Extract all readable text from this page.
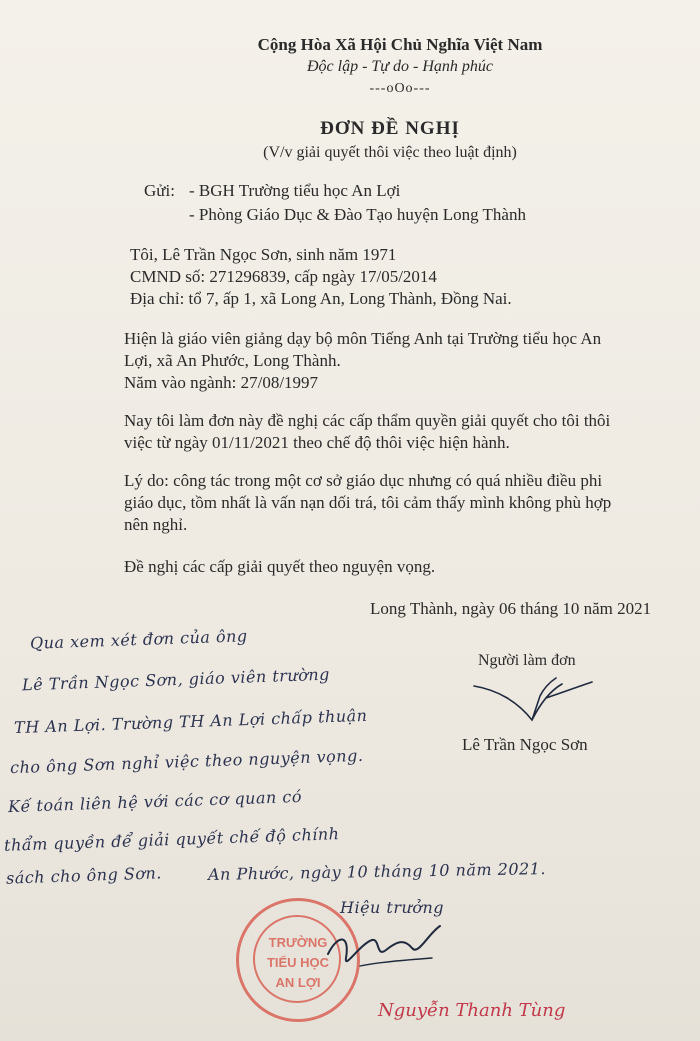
Cộng Hòa Xã Hội Chủ Nghĩa Việt Nam
Độc lập - Tự do - Hạnh phúc
---oOo---
ĐƠN ĐỀ NGHỊ
(V/v giải quyết thôi việc theo luật định)
Gửi: - BGH Trường tiểu học An Lợi
- Phòng Giáo Dục & Đào Tạo huyện Long Thành
Tôi, Lê Trần Ngọc Sơn, sinh năm 1971
CMND số: 271296839, cấp ngày 17/05/2014
Địa chỉ: tổ 7, ấp 1, xã Long An, Long Thành, Đồng Nai.
Hiện là giáo viên giảng dạy bộ môn Tiếng Anh tại Trường tiểu học An
Lợi, xã An Phước, Long Thành.
Năm vào ngành: 27/08/1997
Nay tôi làm đơn này đề nghị các cấp thẩm quyền giải quyết cho tôi thôi
việc từ ngày 01/11/2021 theo chế độ thôi việc hiện hành.
Lý do: công tác trong một cơ sở giáo dục nhưng có quá nhiều điều phi
giáo dục, tồm nhất là vấn nạn dối trá, tôi cảm thấy mình không phù hợp
nên nghỉ.
Đề nghị các cấp giải quyết theo nguyện vọng.
Long Thành, ngày 06 tháng 10 năm 2021
Người làm đơn
Lê Trần Ngọc Sơn
Qua xem xét đơn của ông
Lê Trần Ngọc Sơn, giáo viên trường
TH An Lợi. Trường TH An Lợi chấp thuận
cho ông Sơn nghỉ việc theo nguyện vọng.
Kế toán liên hệ với các cơ quan có
thẩm quyền để giải quyết chế độ chính
sách cho ông Sơn.	An Phước, ngày 10 tháng 10 năm 2021.
Hiệu trưởng
TRƯỜNG
TIỂU HỌC
AN LỢI
Nguyễn Thanh Tùng
